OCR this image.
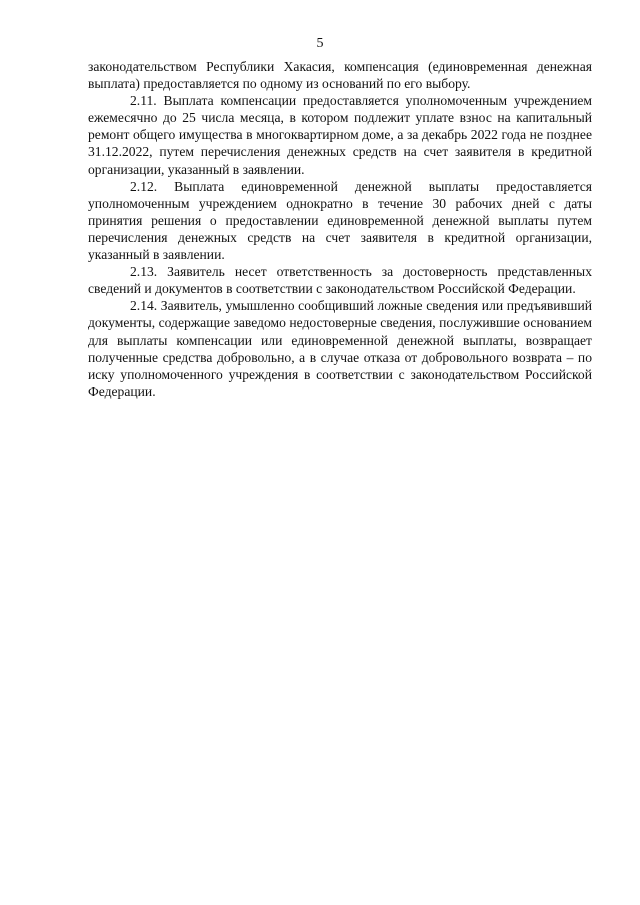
5

законодательством Республики Хакасия, компенсация (единовременная денежная выплата) предоставляется по одному из оснований по его выбору.

2.11. Выплата компенсации предоставляется уполномоченным учреждением ежемесячно до 25 числа месяца, в котором подлежит уплате взнос на капитальный ремонт общего имущества в многоквартирном доме, а за декабрь 2022 года не позднее 31.12.2022, путем перечисления денежных средств на счет заявителя в кредитной организации, указанный в заявлении.

2.12. Выплата единовременной денежной выплаты предоставляется уполномоченным учреждением однократно в течение 30 рабочих дней с даты принятия решения о предоставлении единовременной денежной выплаты путем перечисления денежных средств на счет заявителя в кредитной организации, указанный в заявлении.

2.13. Заявитель несет ответственность за достоверность представленных сведений и документов в соответствии с законодательством Российской Федерации.

2.14. Заявитель, умышленно сообщивший ложные сведения или предъявивший документы, содержащие заведомо недостоверные сведения, послужившие основанием для выплаты компенсации или единовременной денежной выплаты, возвращает полученные средства добровольно, а в случае отказа от добровольного возврата – по иску уполномоченного учреждения в соответствии с законодательством Российской Федерации.
